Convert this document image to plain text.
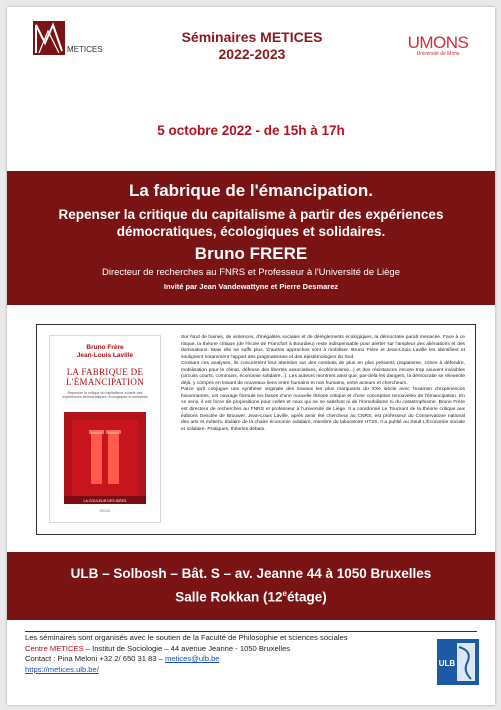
METICES
Séminaires METICES
2022-2023
UMONS
Université de Mons
5 octobre 2022 - de 15h à 17h
La fabrique de l'émancipation.
Repenser la critique du capitalisme à partir des expériences démocratiques, écologiques et solidaires.
Bruno FRERE
Directeur de recherches au FNRS et Professeur à l'Université de Liège
Invité par Jean Vandewattyne et Pierre Desmarez
Bruno Frère
Jean-Louis Laville
LA FABRIQUE DE
L'ÉMANCIPATION
Repenser la critique du capitalisme à partir des expériences démocratiques, écologiques et solidaires
LA COULEUR DES IDÉES
SEUIL

Sur fond de haines, de violences, d'inégalités sociales et de dérèglements écologiques, la démocratie paraît menacée. Face à ce risque, la théorie critique (de l'école de Francfort à Bourdieu) reste indispensable pour alerter sur l'ampleur des aliénations et des dominations. Mais elle ne suffit plus. D'autres approches sont à mobiliser. Bruno Frère et Jean-Louis Laville les identifient et soulignent notamment l'apport des pragmatismes et des épistémologies du Sud.

Croisant ces analyses, ils concentrent leur attention sur des combats de plus en plus présents (zapatisme, zones à défendre, mobilisation pour le climat, défense des libertés associatives, écoféminisme...) et des résistances encore trop souvent invisibles (circuits courts, communs, économie solidaire...). Les auteurs montrent ainsi que, par-delà les dangers, la démocratie se réinvente déjà, y compris en tissant de nouveaux liens entre humains et non humains, entre acteurs et chercheurs.

Parce qu'il conjugue une synthèse originale des travaux les plus marquants du XXe siècle avec l'examen d'expériences foisonnantes, cet ouvrage formule les bases d'une nouvelle théorie critique et d'une conception renouvelée de l'émancipation. En ce sens, il est force de propositions pour celles et ceux qui ne se satisfont ni de l'immobilisme ni du catastrophisme. Bruno Frère est directeur de recherches au FNRS et professeur à l'université de Liège. Il a coordonné Le Tournant de la théorie critique aux éditions Desclée de Brouwer. Jean-Louis Laville, après avoir été chercheur au CNRS, est professeur du Conservatoire national des arts et métiers, titulaire de la chaire économie solidaire, membre du laboratoire HT2S. Il a publié au Seuil L'Économie sociale et solidaire. Pratiques, théories débats.

ULB – Solbosh – Bât. S – av. Jeanne 44 à 1050 Bruxelles
Salle Rokkan (12eétage)
Les séminaires sont organisés avec le soutien de la Faculté de Philosophie et sciences sociales
Centre METICES – Institut de Sociologie – 44 avenue Jeanne - 1050 Bruxelles
Contact : Pina Meloni +32 2/ 650 31 83 – metices@ulb.be
https://metices.ulb.be/
ULB
